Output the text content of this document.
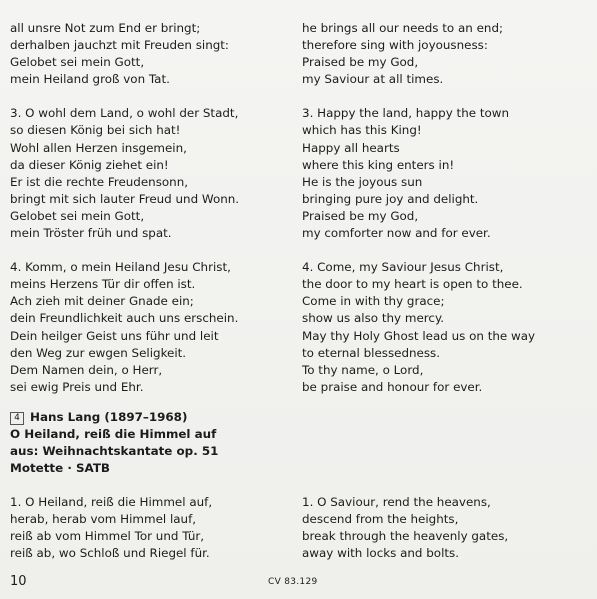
all unsre Not zum End er bringt;
derhalben jauchzt mit Freuden singt:
Gelobet sei mein Gott,
mein Heiland groß von Tat.
3. O wohl dem Land, o wohl der Stadt,
so diesen König bei sich hat!
Wohl allen Herzen insgemein,
da dieser König ziehet ein!
Er ist die rechte Freudensonn,
bringt mit sich lauter Freud und Wonn.
Gelobet sei mein Gott,
mein Tröster früh und spat.
4. Komm, o mein Heiland Jesu Christ,
meins Herzens Tür dir offen ist.
Ach zieh mit deiner Gnade ein;
dein Freundlichkeit auch uns erschein.
Dein heilger Geist uns führ und leit
den Weg zur ewgen Seligkeit.
Dem Namen dein, o Herr,
sei ewig Preis und Ehr.
he brings all our needs to an end;
therefore sing with joyousness:
Praised be my God,
my Saviour at all times.
3. Happy the land, happy the town
which has this King!
Happy all hearts
where this king enters in!
He is the joyous sun
bringing pure joy and delight.
Praised be my God,
my comforter now and for ever.
4. Come, my Saviour Jesus Christ,
the door to my heart is open to thee.
Come in with thy grace;
show us also thy mercy.
May thy Holy Ghost lead us on the way
to eternal blessedness.
To thy name, o Lord,
be praise and honour for ever.
4 Hans Lang (1897–1968)
O Heiland, reiß die Himmel auf
aus: Weihnachtskantate op. 51
Motette · SATB
1. O Heiland, reiß die Himmel auf,
herab, herab vom Himmel lauf,
reiß ab vom Himmel Tor und Tür,
reiß ab, wo Schloß und Riegel für.
1. O Saviour, rend the heavens,
descend from the heights,
break through the heavenly gates,
away with locks and bolts.
10	CV 83.129
